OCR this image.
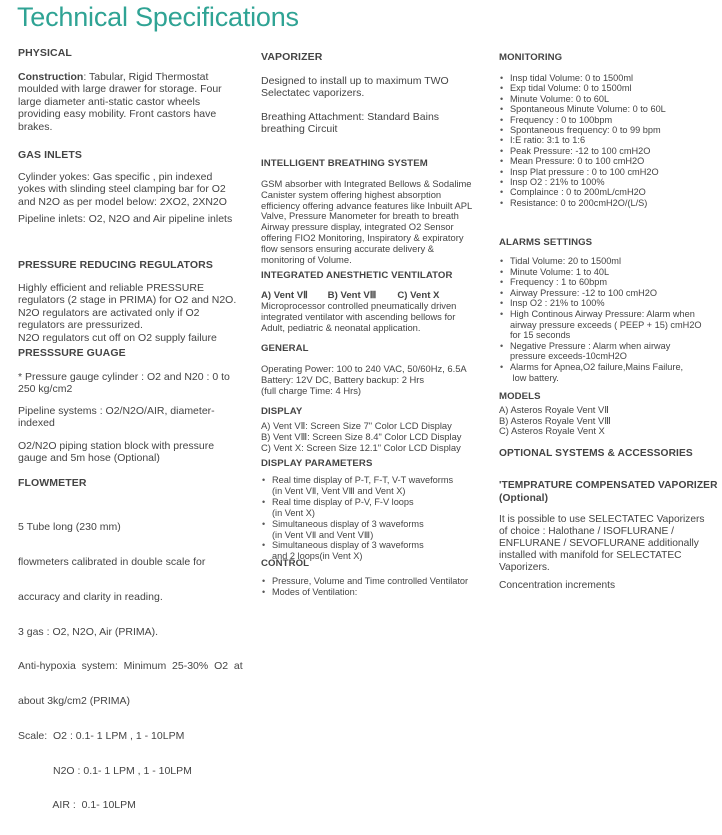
Technical Specifications
PHYSICAL
Construction: Tabular, Rigid Thermostat
moulded with large drawer for storage. Four
large diameter anti-static castor wheels
providing easy mobility. Front castors have
brakes.
GAS INLETS
Cylinder yokes: Gas specific , pin indexed
yokes with slinding steel clamping bar for O2
and N2O as per model below: 2XO2, 2XN2O
Pipeline inlets: O2, N2O and Air pipeline inlets
PRESSURE REDUCING REGULATORS
Highly efficient and reliable PRESSURE
regulators (2 stage in PRIMA) for O2 and N2O.
N2O regulators are activated only if O2
regulators are pressurized.
N2O regulators cut off on O2 supply failure
PRESSSURE GUAGE
* Pressure gauge cylinder : O2 and N20 : 0 to
250 kg/cm2
Pipeline systems : O2/N2O/AIR, diameter-
indexed
O2/N2O piping station block with pressure
gauge and 5m hose (Optional)
FLOWMETER

5 Tube long (230 mm)

flowmeters calibrated in double scale for

accuracy and clarity in reading.

3 gas : O2, N2O, Air (PRIMA).

Anti-hypoxia  system:  Minimum  25-30%  O2  at

about 3kg/cm2 (PRIMA)

Scale:  O2 : 0.1- 1 LPM , 1 - 10LPM

N2O : 0.1- 1 LPM , 1 - 10LPM

AIR :  0.1- 10LPM

VAPORIZER
Designed to install up to maximum TWO
Selectatec vaporizers.
Breathing Attachment: Standard Bains
breathing Circuit
INTELLIGENT BREATHING SYSTEM
GSM absorber with Integrated Bellows & Sodalime
Canister system offering highest absorption
efficiency offering advance features like Inbuilt APL
Valve, Pressure Manometer for breath to breath
Airway pressure display, integrated O2 Sensor
offering FIO2 Monitoring, Inspiratory & expiratory
flow sensors ensuring accurate delivery &
monitoring of Volume.
INTEGRATED ANESTHETIC VENTILATOR
A) Vent VⅡ B) Vent VⅢ C) Vent X
Microprocessor controlled pneumatically driven
integrated ventilator with ascending bellows for
Adult, pediatric & neonatal application.
GENERAL
Operating Power: 100 to 240 VAC, 50/60Hz, 6.5A
Battery: 12V DC, Battery backup: 2 Hrs
(full charge Time: 4 Hrs)
DISPLAY
A) Vent VⅡ: Screen Size 7" Color LCD Display
B) Vent VⅢ: Screen Size 8.4" Color LCD Display
C) Vent X: Screen Size 12.1" Color LCD Display
DISPLAY PARAMETERS
• Real time display of P-T, F-T, V-T waveforms
(in Vent VⅡ, Vent VⅢ and Vent X)
• Real time display of P-V, F-V loops
(in Vent X)
• Simultaneous display of 3 waveforms
(in Vent VⅡ and Vent VⅢ)
• Simultaneous display of 3 waveforms
and 2 loops(in Vent X)
CONTROL
• Pressure, Volume and Time controlled Ventilator
• Modes of Ventilation:
MONITORING
• Insp tidal Volume: 0 to 1500ml
• Exp tidal Volume: 0 to 1500ml
• Minute Volume: 0 to 60L
• Spontaneous Minute Volume: 0 to 60L
• Frequency : 0 to 100bpm
• Spontaneous frequency: 0 to 99 bpm
• I:E ratio: 3:1 to 1:6
• Peak Pressure: -12 to 100 cmH2O
• Mean Pressure: 0 to 100 cmH2O
• Insp Plat pressure : 0 to 100 cmH2O
• Insp O2 : 21% to 100%
• Complaince : 0 to 200mL/cmH2O
• Resistance: 0 to 200cmH2O/(L/S)
ALARMS SETTINGS
• Tidal Volume: 20 to 1500ml
• Minute Volume: 1 to 40L
• Frequency : 1 to 60bpm
• Airway Pressure: -12 to 100 cmH2O
• Insp O2 : 21% to 100%
• High Continous Airway Pressure: Alarm when
airway pressure exceeds ( PEEP + 15) cmH2O
for 15 seconds
• Negative Pressure : Alarm when airway
pressure exceeds-10cmH2O
• Alarms for Apnea,O2 failure,Mains Failure,
low battery.
MODELS
A) Asteros Royale Vent VⅡ
B) Asteros Royale Vent VⅢ
C) Asteros Royale Vent X
OPTIONAL SYSTEMS & ACCESSORIES
'TEMPRATURE COMPENSATED VAPORIZER
(Optional)
It is possible to use SELECTATEC Vaporizers
of choice : Halothane / ISOFLURANE /
ENFLURANE / SEVOFLURANE additionally
installed with manifold for SELECTATEC
Vaporizers.
Concentration increments
